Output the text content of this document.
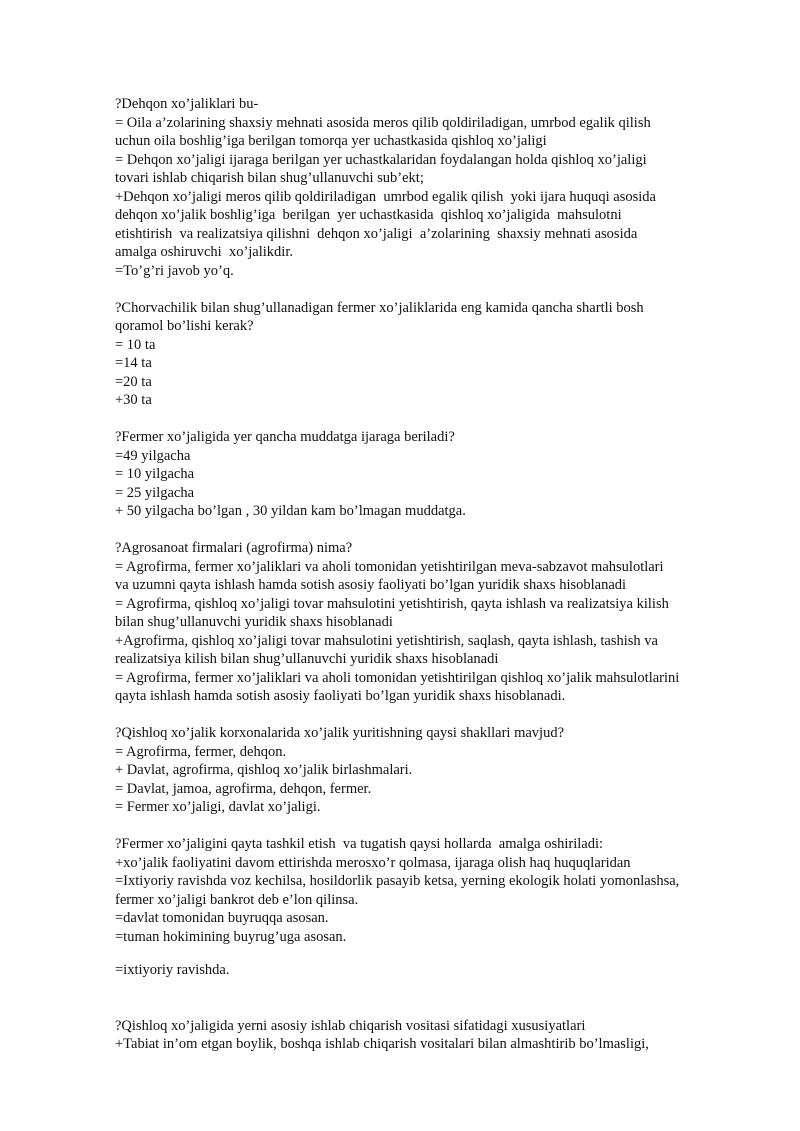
?Dehqon xo’jaliklari bu-
= Oila a’zolarining shaxsiy mehnati asosida meros qilib qoldiriladigan, umrbod egalik qilish
uchun oila boshlig’iga berilgan tomorqa yer uchastkasida qishloq xo’jaligi
= Dehqon xo’jaligi ijaraga berilgan yer uchastkalaridan foydalangan holda qishloq xo’jaligi
tovari ishlab chiqarish bilan shug’ullanuvchi sub’ekt;
+Dehqon xo’jaligi meros qilib qoldiriladigan  umrbod egalik qilish  yoki ijara huquqi asosida
dehqon xo’jalik boshlig’iga  berilgan  yer uchastkasida  qishloq xo’jaligida  mahsulotni
etishtirish  va realizatsiya qilishni  dehqon xo’jaligi  a’zolarining  shaxsiy mehnati asosida
amalga oshiruvchi  xo’jalikdir.
=To’g’ri javob yo’q.
?Chorvachilik bilan shug’ullanadigan fermer xo’jaliklarida eng kamida qancha shartli bosh
qoramol bo’lishi kerak?
= 10 ta
=14 ta
=20 ta
+30 ta
?Fermer xo’jaligida yer qancha muddatga ijaraga beriladi?
=49 yilgacha
= 10 yilgacha
= 25 yilgacha
+ 50 yilgacha bo’lgan , 30 yildan kam bo’lmagan muddatga.
?Agrosanoat firmalari (agrofirma) nima?
= Agrofirma, fermer xo’jaliklari va aholi tomonidan yetishtirilgan meva-sabzavot mahsulotlari
va uzumni qayta ishlash hamda sotish asosiy faoliyati bo’lgan yuridik shaxs hisoblanadi
= Agrofirma, qishloq xo’jaligi tovar mahsulotini yetishtirish, qayta ishlash va realizatsiya kilish
bilan shug’ullanuvchi yuridik shaxs hisoblanadi
+Agrofirma, qishloq xo’jaligi tovar mahsulotini yetishtirish, saqlash, qayta ishlash, tashish va
realizatsiya kilish bilan shug’ullanuvchi yuridik shaxs hisoblanadi
= Agrofirma, fermer xo’jaliklari va aholi tomonidan yetishtirilgan qishloq xo’jalik mahsulotlarini
qayta ishlash hamda sotish asosiy faoliyati bo’lgan yuridik shaxs hisoblanadi.
?Qishloq xo’jalik korxonalarida xo’jalik yuritishning qaysi shakllari mavjud?
= Agrofirma, fermer, dehqon.
+ Davlat, agrofirma, qishloq xo’jalik birlashmalari.
= Davlat, jamoa, agrofirma, dehqon, fermer.
= Fermer xo’jaligi, davlat xo’jaligi.
?Fermer xo’jaligini qayta tashkil etish  va tugatish qaysi hollarda  amalga oshiriladi:
+xo’jalik faoliyatini davom ettirishda merosxo’r qolmasa, ijaraga olish haq huquqlaridan
=Ixtiyoriy ravishda voz kechilsa, hosildorlik pasayib ketsa, yerning ekologik holati yomonlashsa,
fermer xo’jaligi bankrot deb e’lon qilinsa.
=davlat tomonidan buyruqqa asosan.
=tuman hokimining buyrug’uga asosan.
=ixtiyoriy ravishda.
?Qishloq xo’jaligida yerni asosiy ishlab chiqarish vositasi sifatidagi xususiyatlari
+Tabiat in’om etgan boylik, boshqa ishlab chiqarish vositalari bilan almashtirib bo’lmasligi,
